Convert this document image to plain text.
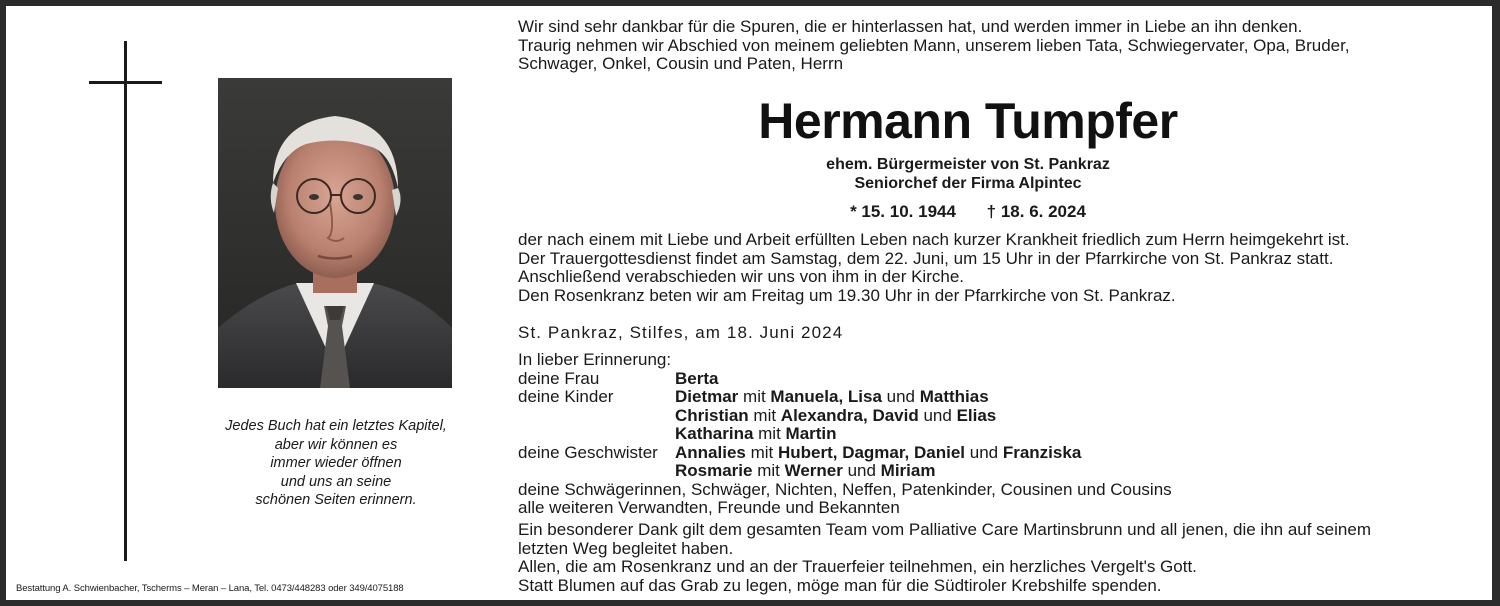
Jedes Buch hat ein letztes Kapitel,
aber wir können es
immer wieder öffnen
und uns an seine
schönen Seiten erinnern.
Bestattung A. Schwienbacher, Tscherms – Meran – Lana, Tel. 0473/448283 oder 349/4075188
Wir sind sehr dankbar für die Spuren, die er hinterlassen hat, und werden immer in Liebe an ihn denken.
Traurig nehmen wir Abschied von meinem geliebten Mann, unserem lieben Tata, Schwiegervater, Opa, Bruder,
Schwager, Onkel, Cousin und Paten, Herrn
Hermann Tumpfer
ehem. Bürgermeister von St. Pankraz
Seniorchef der Firma Alpintec
* 15. 10. 1944 † 18. 6. 2024
der nach einem mit Liebe und Arbeit erfüllten Leben nach kurzer Krankheit friedlich zum Herrn heimgekehrt ist.
Der Trauergottesdienst findet am Samstag, dem 22. Juni, um 15 Uhr in der Pfarrkirche von St. Pankraz statt.
Anschließend verabschieden wir uns von ihm in der Kirche.
Den Rosenkranz beten wir am Freitag um 19.30 Uhr in der Pfarrkirche von St. Pankraz.
St. Pankraz, Stilfes, am 18. Juni 2024
In lieber Erinnerung:
deine Frau	Berta
deine Kinder	Dietmar mit Manuela, Lisa und Matthias
Christian mit Alexandra, David und Elias
Katharina mit Martin
deine Geschwister	Annalies mit Hubert, Dagmar, Daniel und Franziska
Rosmarie mit Werner und Miriam
deine Schwägerinnen, Schwäger, Nichten, Neffen, Patenkinder, Cousinen und Cousins
alle weiteren Verwandten, Freunde und Bekannten
Ein besonderer Dank gilt dem gesamten Team vom Palliative Care Martinsbrunn und all jenen, die ihn auf seinem
letzten Weg begleitet haben.
Allen, die am Rosenkranz und an der Trauerfeier teilnehmen, ein herzliches Vergelt's Gott.
Statt Blumen auf das Grab zu legen, möge man für die Südtiroler Krebshilfe spenden.
